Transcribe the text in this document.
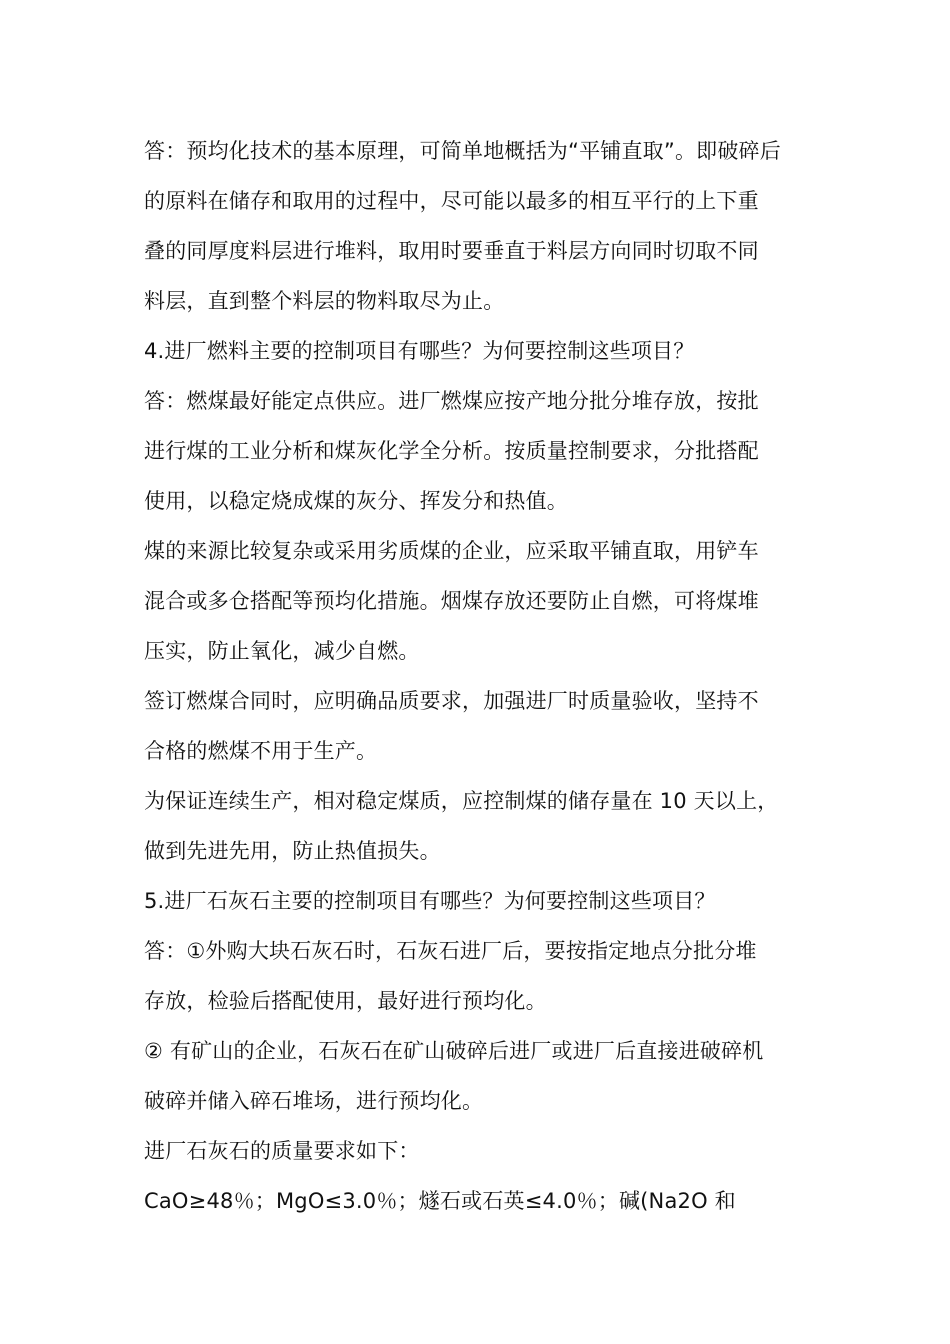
答：预均化技术的基本原理，可简单地概括为“平铺直取”。即破碎后
的原料在储存和取用的过程中，尽可能以最多的相互平行的上下重
叠的同厚度料层进行堆料，取用时要垂直于料层方向同时切取不同
料层，直到整个料层的物料取尽为止。
4.进厂燃料主要的控制项目有哪些？为何要控制这些项目？
答：燃煤最好能定点供应。进厂燃煤应按产地分批分堆存放，按批
进行煤的工业分析和煤灰化学全分析。按质量控制要求，分批搭配
使用，以稳定烧成煤的灰分、挥发分和热值。
煤的来源比较复杂或采用劣质煤的企业，应采取平铺直取，用铲车
混合或多仓搭配等预均化措施。烟煤存放还要防止自燃，可将煤堆
压实，防止氧化，减少自燃。
签订燃煤合同时，应明确品质要求，加强进厂时质量验收，坚持不
合格的燃煤不用于生产。
为保证连续生产，相对稳定煤质，应控制煤的储存量在 10 天以上，
做到先进先用，防止热值损失。
5.进厂石灰石主要的控制项目有哪些？为何要控制这些项目？
答：①外购大块石灰石时，石灰石进厂后，要按指定地点分批分堆
存放，检验后搭配使用，最好进行预均化。
② 有矿山的企业，石灰石在矿山破碎后进厂或进厂后直接进破碎机
破碎并储入碎石堆场，进行预均化。
进厂石灰石的质量要求如下：
CaO≥48％；MgO≤3.0％；燧石或石英≤4.0％；碱(Na2O 和
